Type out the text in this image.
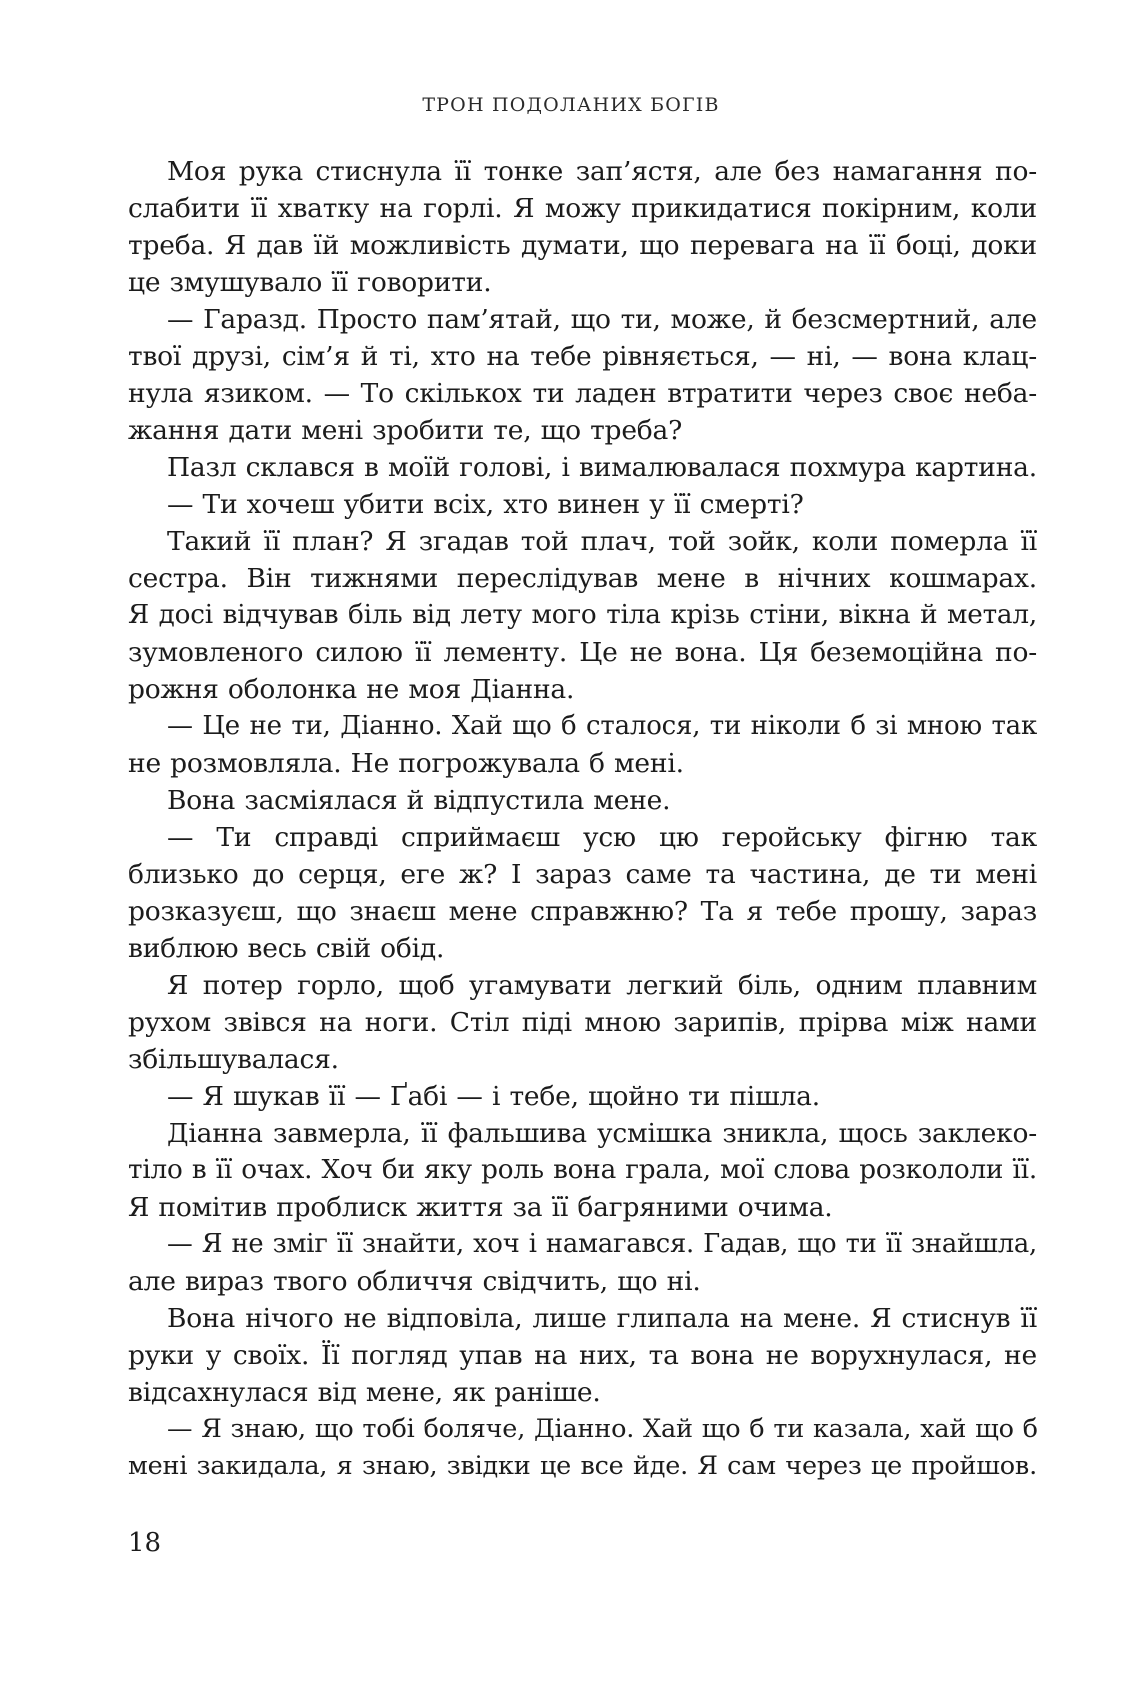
ТРОН ПОДОЛАНИХ БОГІВ
Моя рука стиснула її тонке зап’ястя, але без намагання по-
слабити її хватку на горлі. Я можу прикидатися покірним, коли
треба. Я дав їй можливість думати, що перевага на її боці, доки
це змушувало її говорити.
— Гаразд. Просто пам’ятай, що ти, може, й безсмертний, але
твої друзі, сім’я й ті, хто на тебе рівняється, — ні, — вона клац-
нула язиком. — То скількох ти ладен втратити через своє неба-
жання дати мені зробити те, що треба?
Пазл склався в моїй голові, і вималювалася похмура картина.
— Ти хочеш убити всіх, хто винен у її смерті?
Такий її план? Я згадав той плач, той зойк, коли померла її
сестра. Він тижнями переслідував мене в нічних кошмарах.
Я досі відчував біль від лету мого тіла крізь стіни, вікна й метал,
зумовленого силою її лементу. Це не вона. Ця беземоційна по-
рожня оболонка не моя Діанна.
— Це не ти, Діанно. Хай що б сталося, ти ніколи б зі мною так
не розмовляла. Не погрожувала б мені.
Вона засміялася й відпустила мене.
— Ти справді сприймаєш усю цю геройську фігню так
близько до серця, еге ж? І зараз саме та частина, де ти мені
розказуєш, що знаєш мене справжню? Та я тебе прошу, зараз
виблюю весь свій обід.
Я потер горло, щоб угамувати легкий біль, одним плавним
рухом звівся на ноги. Стіл піді мною зарипів, прірва між нами
збільшувалася.
— Я шукав її — Ґабі — і тебе, щойно ти пішла.
Діанна завмерла, її фальшива усмішка зникла, щось заклеко-
тіло в її очах. Хоч би яку роль вона грала, мої слова розкололи її.
Я помітив проблиск життя за її багряними очима.
— Я не зміг її знайти, хоч і намагався. Гадав, що ти її знайшла,
але вираз твого обличчя свідчить, що ні.
Вона нічого не відповіла, лише глипала на мене. Я стиснув її
руки у своїх. Її погляд упав на них, та вона не ворухнулася, не
відсахнулася від мене, як раніше.
— Я знаю, що тобі боляче, Діанно. Хай що б ти казала, хай що б
мені закидала, я знаю, звідки це все йде. Я сам через це пройшов.
18
